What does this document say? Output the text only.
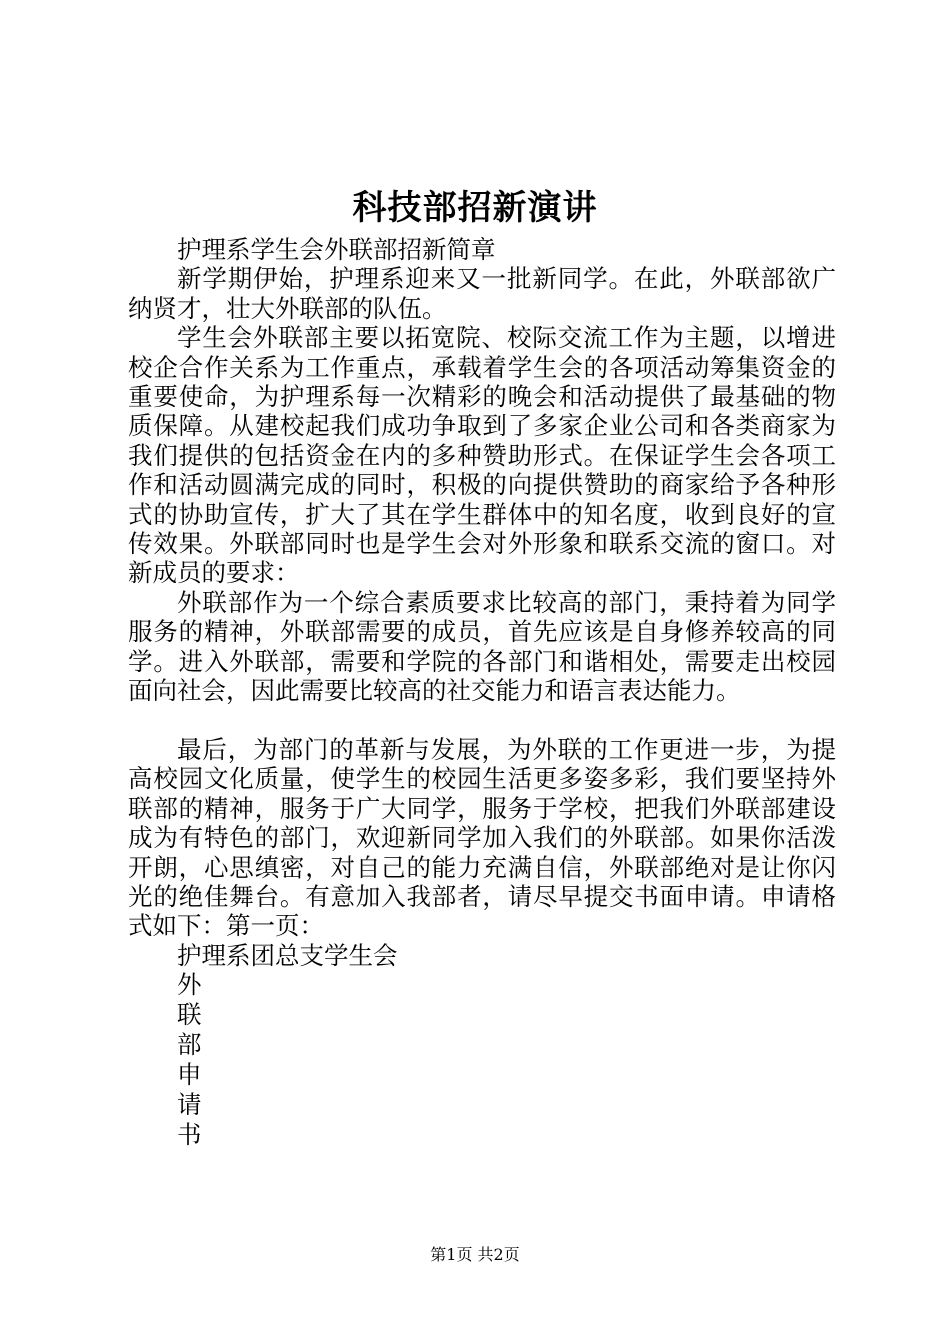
科技部招新演讲

护理系学生会外联部招新简章

新学期伊始，护理系迎来又一批新同学。在此，外联部欲广纳贤才，壮大外联部的队伍。

学生会外联部主要以拓宽院、校际交流工作为主题，以增进校企合作关系为工作重点，承载着学生会的各项活动筹集资金的重要使命，为护理系每一次精彩的晚会和活动提供了最基础的物质保障。从建校起我们成功争取到了多家企业公司和各类商家为我们提供的包括资金在内的多种赞助形式。在保证学生会各项工作和活动圆满完成的同时，积极的向提供赞助的商家给予各种形式的协助宣传，扩大了其在学生群体中的知名度，收到良好的宣传效果。外联部同时也是学生会对外形象和联系交流的窗口。对新成员的要求：

外联部作为一个综合素质要求比较高的部门，秉持着为同学服务的精神，外联部需要的成员，首先应该是自身修养较高的同学。进入外联部，需要和学院的各部门和谐相处，需要走出校园面向社会，因此需要比较高的社交能力和语言表达能力。

最后，为部门的革新与发展，为外联的工作更进一步，为提高校园文化质量，使学生的校园生活更多姿多彩，我们要坚持外联部的精神，服务于广大同学，服务于学校，把我们外联部建设成为有特色的部门，欢迎新同学加入我们的外联部。如果你活泼开朗，心思缜密，对自己的能力充满自信，外联部绝对是让你闪光的绝佳舞台。有意加入我部者，请尽早提交书面申请。申请格式如下：第一页：

护理系团总支学生会
外
联
部
申
请
书
第1页 共2页
